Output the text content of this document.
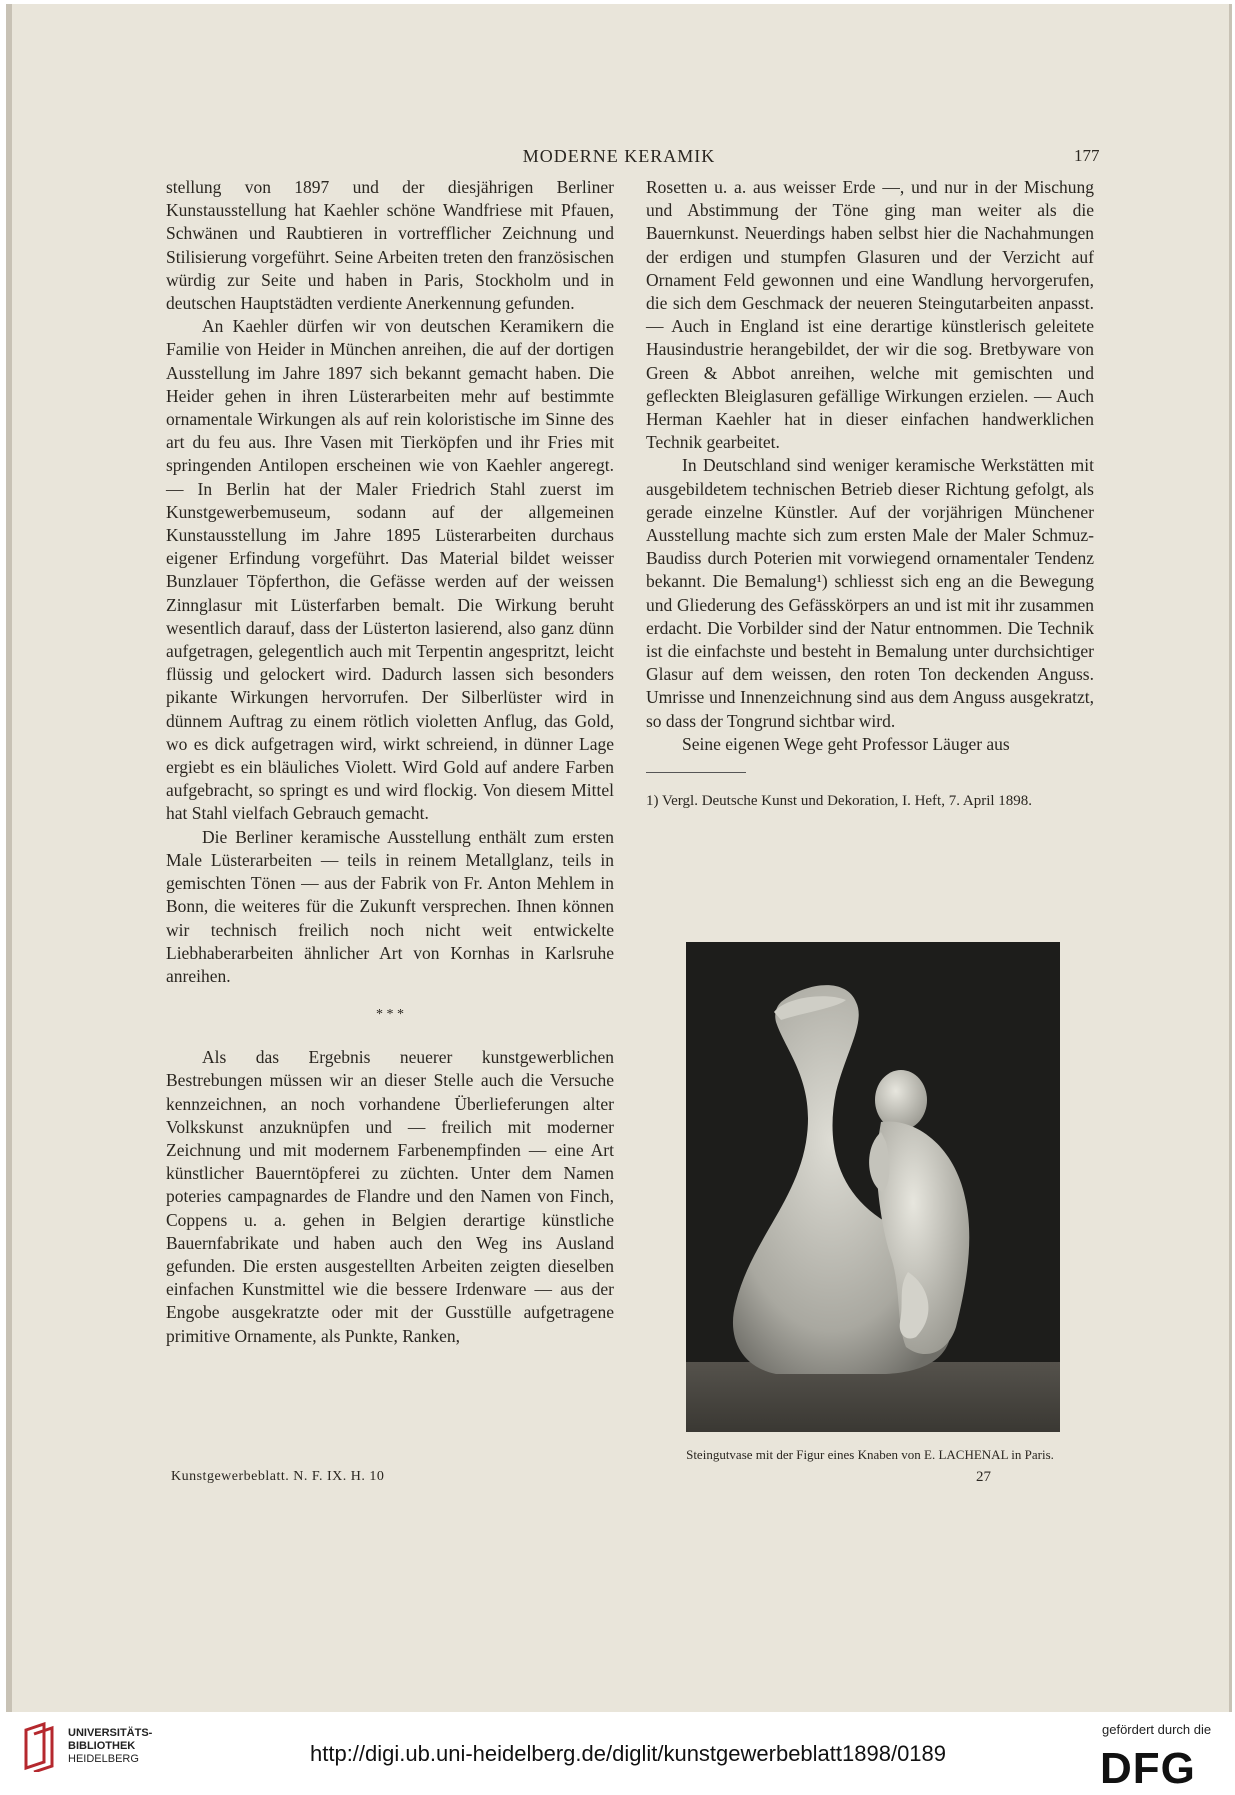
MODERNE KERAMIK	177

stellung von 1897 und der diesjährigen Berliner Kunstausstellung hat Kaehler schöne Wandfriese mit Pfauen, Schwänen und Raubtieren in vortrefflicher Zeichnung und Stilisierung vorgeführt. Seine Arbeiten treten den französischen würdig zur Seite und haben in Paris, Stockholm und in deutschen Hauptstädten verdiente Anerkennung gefunden.

An Kaehler dürfen wir von deutschen Keramikern die Familie von Heider in München anreihen, die auf der dortigen Ausstellung im Jahre 1897 sich bekannt gemacht haben. Die Heider gehen in ihren Lüsterarbeiten mehr auf bestimmte ornamentale Wirkungen als auf rein koloristische im Sinne des art du feu aus. Ihre Vasen mit Tierköpfen und ihr Fries mit springenden Antilopen erscheinen wie von Kaehler angeregt. — In Berlin hat der Maler Friedrich Stahl zuerst im Kunstgewerbemuseum, sodann auf der allgemeinen Kunstausstellung im Jahre 1895 Lüsterarbeiten durchaus eigener Erfindung vorgeführt. Das Material bildet weisser Bunzlauer Töpferthon, die Gefässe werden auf der weissen Zinnglasur mit Lüsterfarben bemalt. Die Wirkung beruht wesentlich darauf, dass der Lüsterton lasierend, also ganz dünn aufgetragen, gelegentlich auch mit Terpentin angespritzt, leicht flüssig und gelockert wird. Dadurch lassen sich besonders pikante Wirkungen hervorrufen. Der Silberlüster wird in dünnem Auftrag zu einem rötlich violetten Anflug, das Gold, wo es dick aufgetragen wird, wirkt schreiend, in dünner Lage ergiebt es ein bläuliches Violett. Wird Gold auf andere Farben aufgebracht, so springt es und wird flockig. Von diesem Mittel hat Stahl vielfach Gebrauch gemacht.

Die Berliner keramische Ausstellung enthält zum ersten Male Lüsterarbeiten — teils in reinem Metallglanz, teils in gemischten Tönen — aus der Fabrik von Fr. Anton Mehlem in Bonn, die weiteres für die Zukunft versprechen. Ihnen können wir technisch freilich noch nicht weit entwickelte Liebhaberarbeiten ähnlicher Art von Kornhas in Karlsruhe anreihen.

* * *

Als das Ergebnis neuerer kunstgewerblichen Bestrebungen müssen wir an dieser Stelle auch die Versuche kennzeichnen, an noch vorhandene Überlieferungen alter Volkskunst anzuknüpfen und — freilich mit moderner Zeichnung und mit modernem Farbenempfinden — eine Art künstlicher Bauerntöpferei zu züchten. Unter dem Namen poteries campagnardes de Flandre und den Namen von Finch, Coppens u. a. gehen in Belgien derartige künstliche Bauernfabrikate und haben auch den Weg ins Ausland gefunden. Die ersten ausgestellten Arbeiten zeigten dieselben einfachen Kunstmittel wie die bessere Irdenware — aus der Engobe ausgekratzte oder mit der Gusstülle aufgetragene primitive Ornamente, als Punkte, Ranken,

Rosetten u. a. aus weisser Erde —, und nur in der Mischung und Abstimmung der Töne ging man weiter als die Bauernkunst. Neuerdings haben selbst hier die Nachahmungen der erdigen und stumpfen Glasuren und der Verzicht auf Ornament Feld gewonnen und eine Wandlung hervorgerufen, die sich dem Geschmack der neueren Steingutarbeiten anpasst. — Auch in England ist eine derartige künstlerisch geleitete Hausindustrie herangebildet, der wir die sog. Bretbyware von Green & Abbot anreihen, welche mit gemischten und gefleckten Bleiglasuren gefällige Wirkungen erzielen. — Auch Herman Kaehler hat in dieser einfachen handwerklichen Technik gearbeitet.

In Deutschland sind weniger keramische Werkstätten mit ausgebildetem technischen Betrieb dieser Richtung gefolgt, als gerade einzelne Künstler. Auf der vorjährigen Münchener Ausstellung machte sich zum ersten Male der Maler Schmuz-Baudiss durch Poterien mit vorwiegend ornamentaler Tendenz bekannt. Die Bemalung¹) schliesst sich eng an die Bewegung und Gliederung des Gefässkörpers an und ist mit ihr zusammen erdacht. Die Vorbilder sind der Natur entnommen. Die Technik ist die einfachste und besteht in Bemalung unter durchsichtiger Glasur auf dem weissen, den roten Ton deckenden Anguss. Umrisse und Innenzeichnung sind aus dem Anguss ausgekratzt, so dass der Tongrund sichtbar wird.

Seine eigenen Wege geht Professor Läuger aus

1) Vergl. Deutsche Kunst und Dekoration, I. Heft, 7. April 1898.

Steingutvase mit der Figur eines Knaben von E. LACHENAL in Paris.
Kunstgewerbeblatt. N. F. IX. H. 10	27
UNIVERSITÄTS-
BIBLIOTHEK
HEIDELBERG	http://digi.ub.uni-heidelberg.de/diglit/kunstgewerbeblatt1898/0189
gefördert durch die
DFG
